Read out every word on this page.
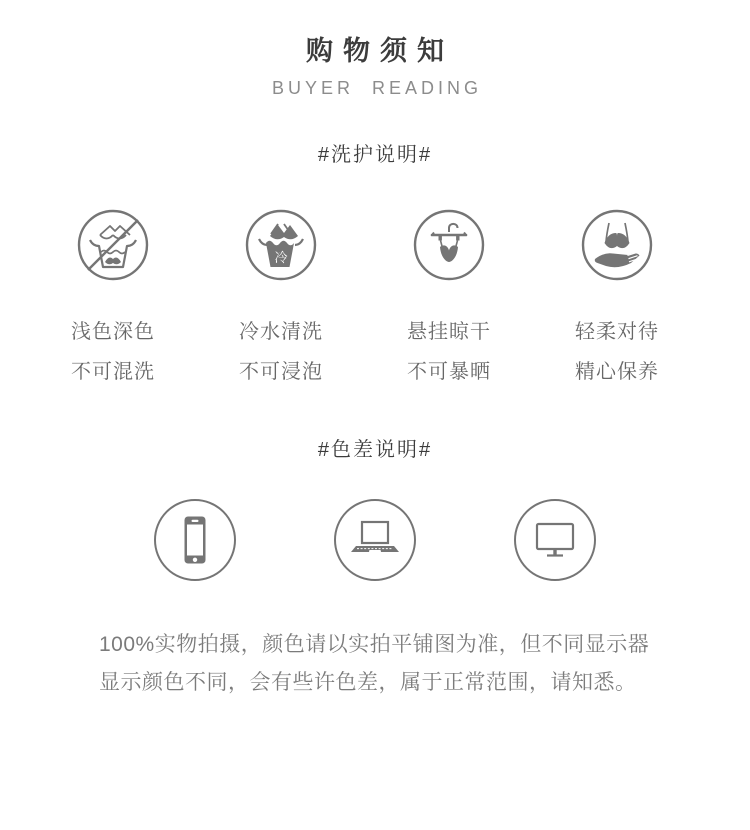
购物须知
BUYER READING
#洗护说明#
浅色深色
不可混洗
冷
冷水清洗
不可浸泡
悬挂晾干
不可暴晒
轻柔对待
精心保养
#色差说明#
100%实物拍摄，颜色请以实拍平铺图为准，但不同显示器
显示颜色不同，会有些许色差，属于正常范围，请知悉。
